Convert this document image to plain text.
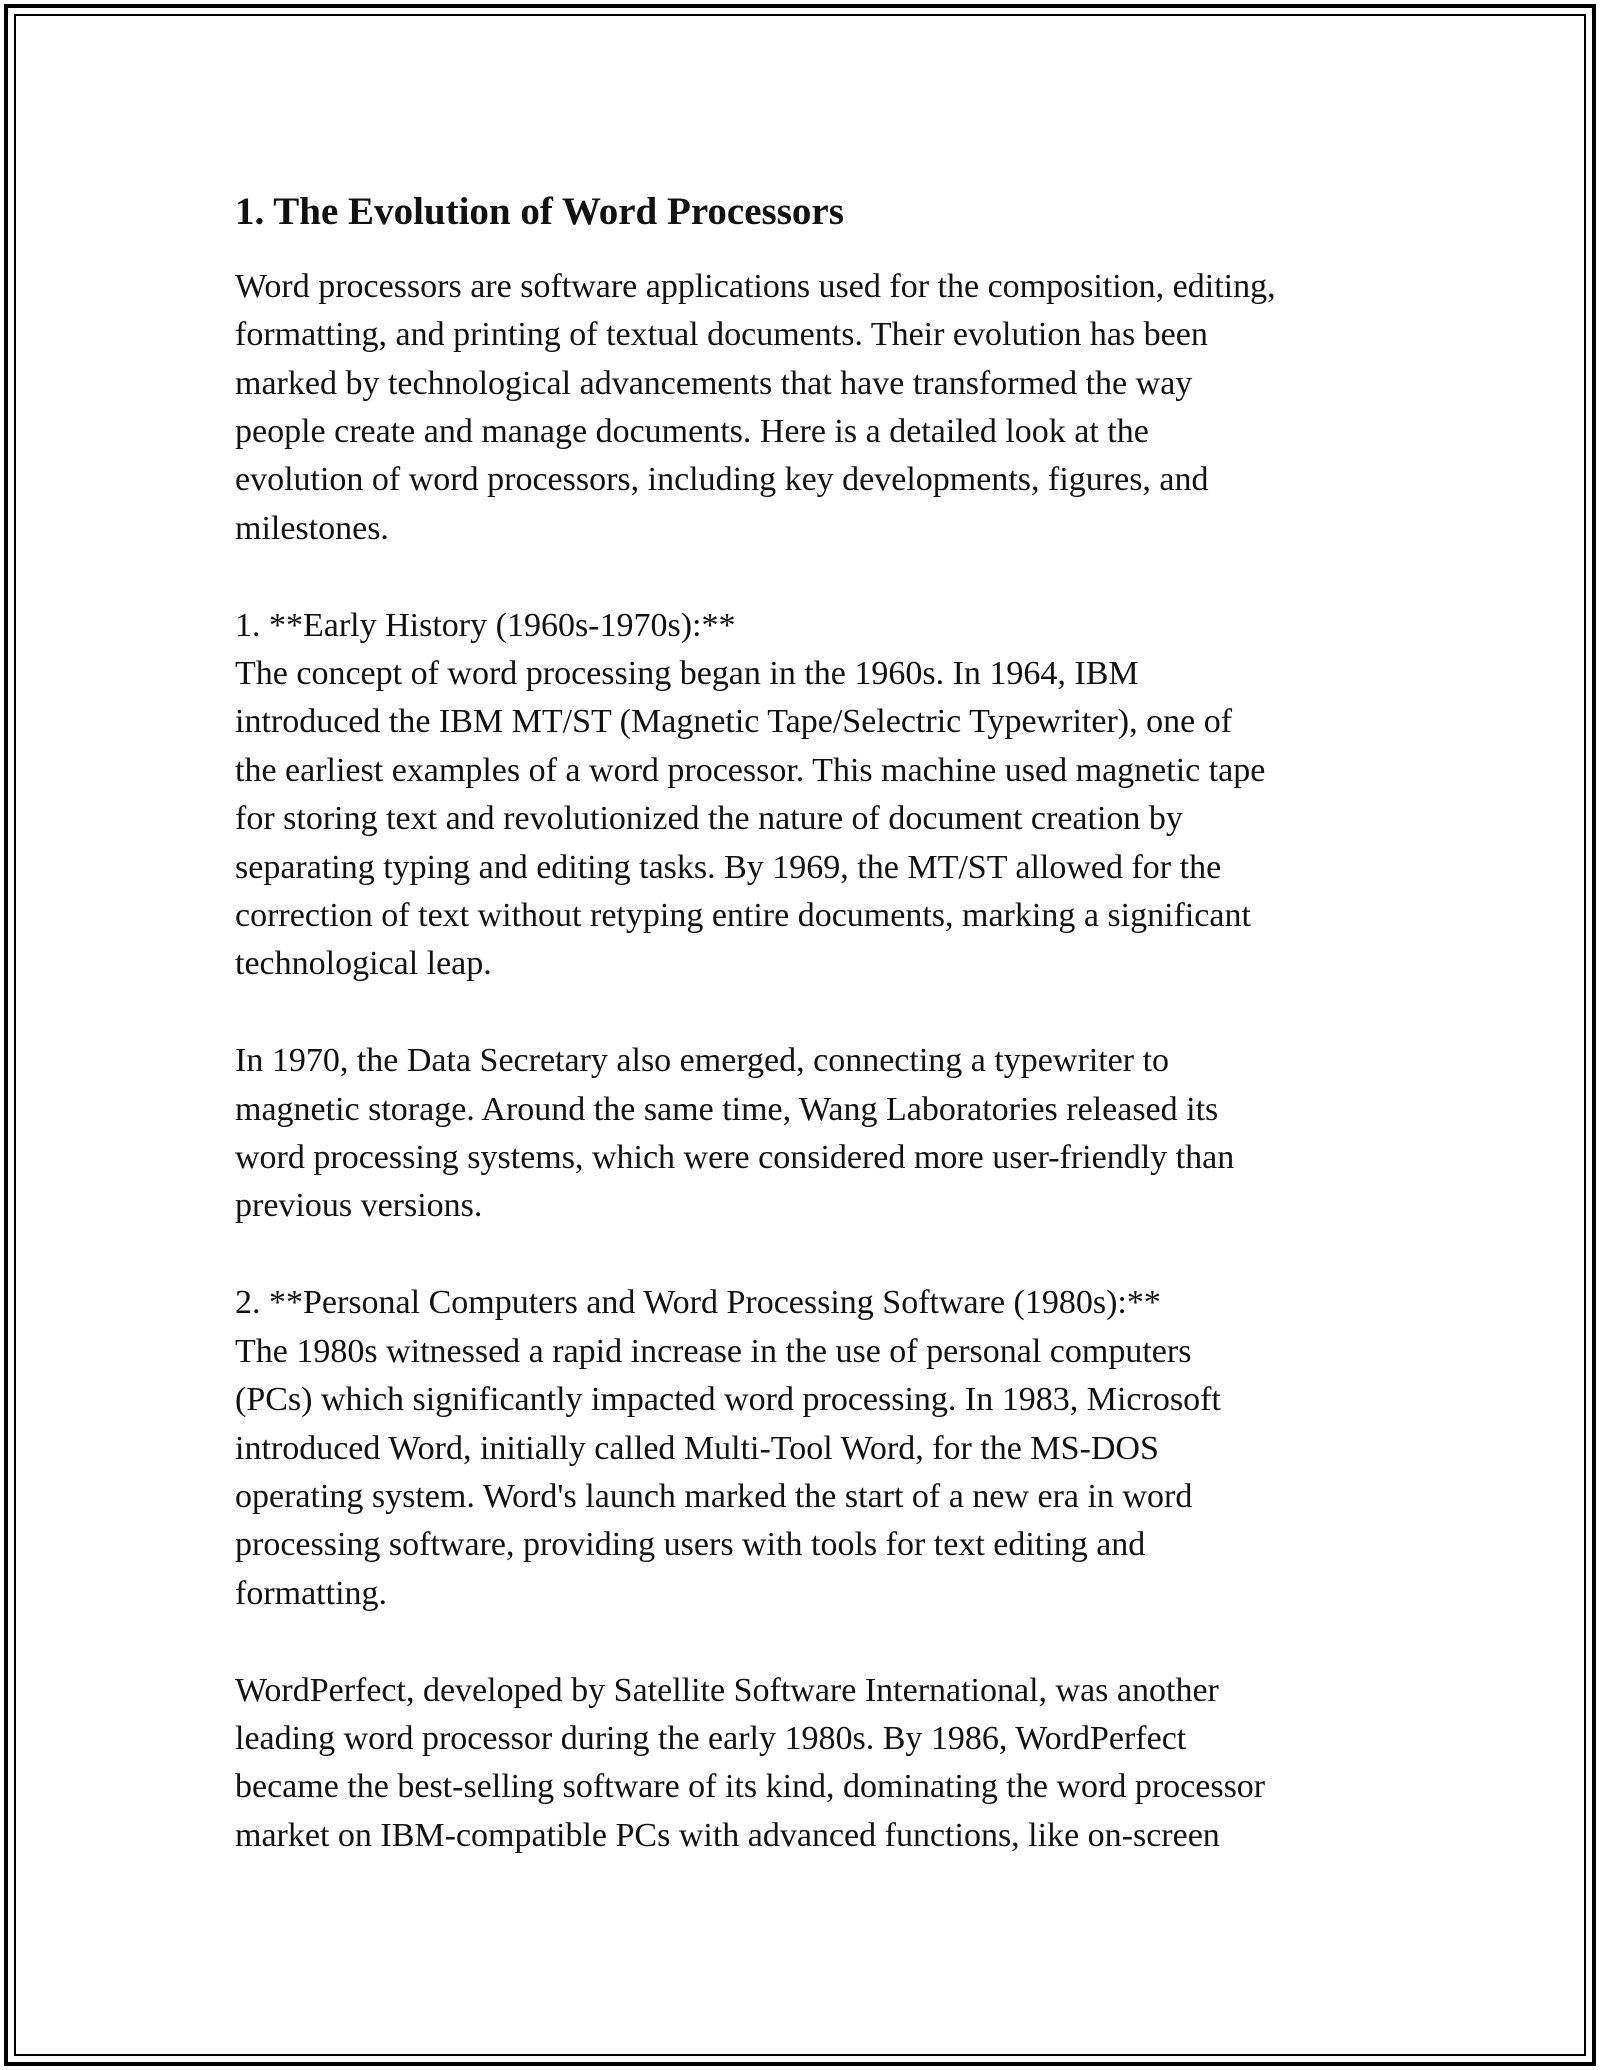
1. The Evolution of Word Processors

Word processors are software applications used for the composition, editing,
formatting, and printing of textual documents. Their evolution has been
marked by technological advancements that have transformed the way
people create and manage documents. Here is a detailed look at the
evolution of word processors, including key developments, figures, and
milestones.

1. **Early History (1960s-1970s):**
The concept of word processing began in the 1960s. In 1964, IBM
introduced the IBM MT/ST (Magnetic Tape/Selectric Typewriter), one of
the earliest examples of a word processor. This machine used magnetic tape
for storing text and revolutionized the nature of document creation by
separating typing and editing tasks. By 1969, the MT/ST allowed for the
correction of text without retyping entire documents, marking a significant
technological leap.

In 1970, the Data Secretary also emerged, connecting a typewriter to
magnetic storage. Around the same time, Wang Laboratories released its
word processing systems, which were considered more user-friendly than
previous versions.

2. **Personal Computers and Word Processing Software (1980s):**
The 1980s witnessed a rapid increase in the use of personal computers
(PCs) which significantly impacted word processing. In 1983, Microsoft
introduced Word, initially called Multi-Tool Word, for the MS-DOS
operating system. Word's launch marked the start of a new era in word
processing software, providing users with tools for text editing and
formatting.

WordPerfect, developed by Satellite Software International, was another
leading word processor during the early 1980s. By 1986, WordPerfect
became the best-selling software of its kind, dominating the word processor
market on IBM-compatible PCs with advanced functions, like on-screen
